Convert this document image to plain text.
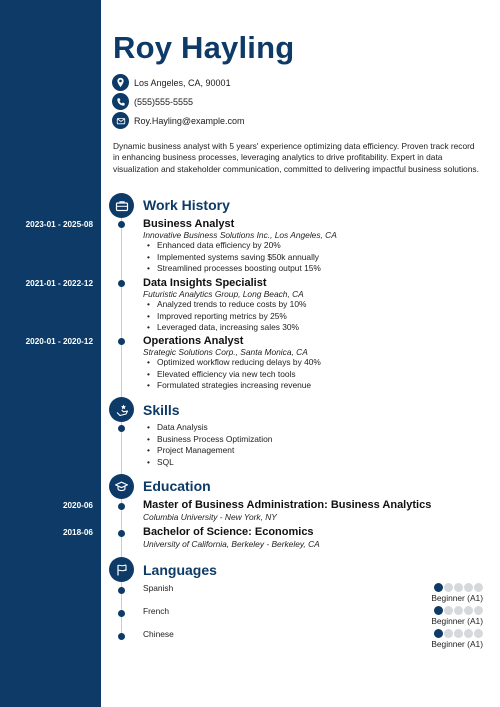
Roy Hayling
Los Angeles, CA, 90001
(555)555-5555
Roy.Hayling@example.com
Dynamic business analyst with 5 years' experience optimizing data efficiency. Proven track record in enhancing business processes, leveraging analytics to drive profitability. Expert in data visualization and stakeholder communication, committed to delivering impactful business solutions.
Work History
2023-01 - 2025-08	Business Analyst
Innovative Business Solutions Inc., Los Angeles, CA
• Enhanced data efficiency by 20%
• Implemented systems saving $50k annually
• Streamlined processes boosting output 15%
2021-01 - 2022-12	Data Insights Specialist
Futuristic Analytics Group, Long Beach, CA
• Analyzed trends to reduce costs by 10%
• Improved reporting metrics by 25%
• Leveraged data, increasing sales 30%
2020-01 - 2020-12	Operations Analyst
Strategic Solutions Corp., Santa Monica, CA
• Optimized workflow reducing delays by 40%
• Elevated efficiency via new tech tools
• Formulated strategies increasing revenue
Skills
• Data Analysis
• Business Process Optimization
• Project Management
• SQL
Education
2020-06	Master of Business Administration: Business Analytics
Columbia University - New York, NY
2018-06	Bachelor of Science: Economics
University of California, Berkeley - Berkeley, CA
Languages
Spanish
Beginner (A1)
French
Beginner (A1)
Chinese
Beginner (A1)
